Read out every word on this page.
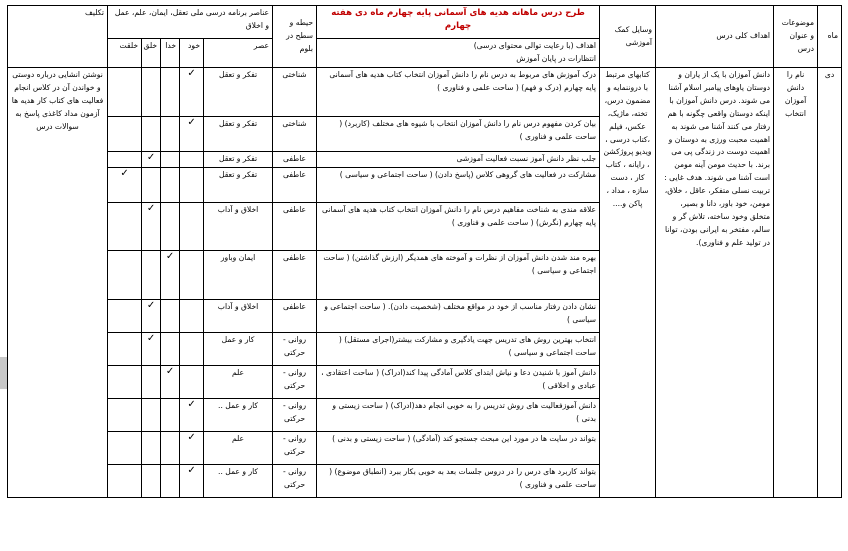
ماه	موضوعات و عنوان درس	اهداف کلی درس	وسایل کمک آموزشی	طرح درس ماهانه هدیه های آسمانی پایه چهارم ماه دی هفته چهارم	حیطه و سطح در بلوم	عناصر برنامه درسی ملی تعقل، ایمان، علم، عمل و اخلاق					تکلیف

				اهداف (با رعایت توالی محتوای درسی)
انتظارات در پایان آموزش		عصر	خود	خدا	خلق	خلقت	
دی	نام را دانش آموزان انتخاب	دانش آموزان با یک از یاران و دوستان یاوهای پیامبر اسلام آشنا می شوند. درس دانش آموزان با اینکه دوستان واقعی چگونه با هم رفتار می کنند آشنا می شوند به اهمیت محبت ورزی به دوستان و اهمیت دوست در زندگی پی می برند. با حدیث مومن آینه مومن است آشنا می شوند. هدف غایی : تربیت نسلی متفکر، عاقل ، خلاق، مومن، خود باور، دانا و بصیر، متخلق وخود ساخته، تلاش گر و سالم، مفتخر به ایرانی بودن، توانا در تولید علم و فناوری).	کتابهای مرتبط با دروننمایه و مضمون درس، تخته، ماژیک، عکس، فیلم ،کتاب درسی ، ویدیو پروژکشن ، رایانه ، کتاب کار ، دست سازه ، مداد ، پاکن و....	درک آموزش های مربوط به درس نام را دانش آموزان انتخاب کتاب هدیه های آسمانی پایه چهارم (درک و فهم) ( ساحت علمی و فناوری )	شناختی	تفکر و تعقل	✓				نوشتن انشایی درباره دوستی و خواندن آن در کلاس انجام فعالیت های کتاب کار هدیه ها آزمون مداد کاغذی پاسخ به سوالات درس
				بیان کردن مفهوم درس نام را دانش آموزان انتخاب با شیوه های مختلف (کاربرد) ( ساحت علمی و فناوری )	شناختی	تفکر و تعقل	✓				
				جلب نظر دانش آموز نسبت فعالیت آموزشی	عاطفی	تفکر و تعقل			✓		
				مشارکت در فعالیت های گروهی کلاس (پاسخ دادن) ( ساحت اجتماعی و سیاسی )	عاطفی	تفکر و تعقل				✓	
				علاقه مندی به شناخت مفاهیم درس نام را دانش آموزان انتخاب کتاب هدیه های آسمانی پایه چهارم (نگرش) ( ساحت علمی و فناوری )	عاطفی	اخلاق و آداب			✓		
				بهره مند شدن دانش آموزان از نظرات و آموخته های همدیگر (ارزش گذاشتن) ( ساحت اجتماعی و سیاسی )	عاطفی	ایمان وباور		✓			
				نشان دادن رفتار مناسب از خود در مواقع مختلف (شخصیت دادن). ( ساحت اجتماعی و سیاسی )	عاطفی	اخلاق و آداب			✓		
				انتخاب بهترین روش های تدریس جهت یادگیری و مشارکت بیشتر(اجرای مستقل) ( ساحت اجتماعی و سیاسی )	روانی - حرکتی	کار و عمل			✓		
				دانش آموز با شنیدن دعا و نیاش ابتدای کلاس آمادگی پیدا کند(ادراک) ( ساحت اعتقادی ، عبادی و اخلاقی )	روانی - حرکتی	علم		✓			
				دانش آموزفعالیت های روش تدریس را به خوبی انجام دهد(ادراک) ( ساحت زیستی و بدنی )	روانی - حرکتی	کار و عمل ..	✓				
				بتواند در سایت ها در مورد این مبحث جستجو کند (آمادگی) ( ساحت زیستی و بدنی )	روانی - حرکتی	علم	✓				
				بتواند کاربرد های درس را در دروس جلسات بعد به خوبی بکار ببرد (انطباق موضوع) ( ساحت علمی و فناوری )	روانی - حرکتی	کار و عمل ..	✓				
